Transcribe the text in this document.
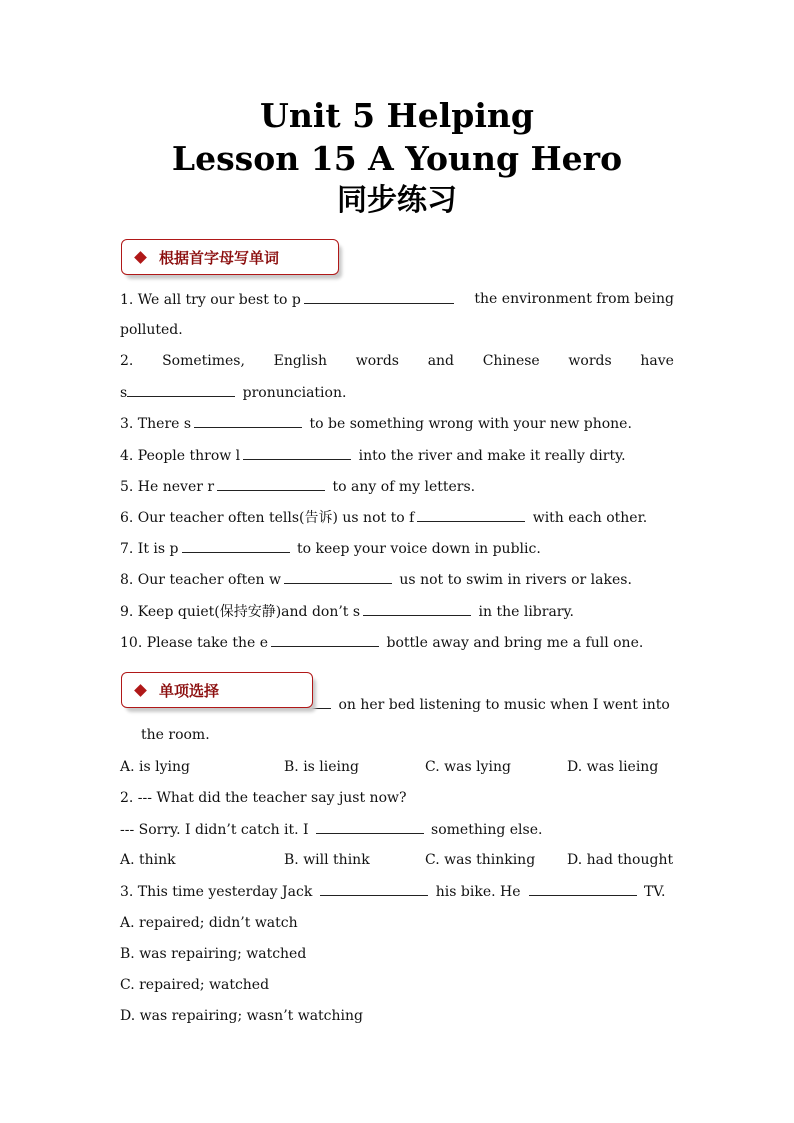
Unit 5 Helping
Lesson 15 A Young Hero
同步练习
根据首字母写单词
1. We all try our best to p	the environment from being
polluted.
2. Sometimes, English words and Chinese words have
s	pronunciation.
3. There s	to be something wrong with your new phone.
4. People throw l	into the river and make it really dirty.
5. He never r	to any of my letters.
6. Our teacher often tells(告诉) us not to f	with each other.
7. It is p	to keep your voice down in public.
8. Our teacher often w	us not to swim in rivers or lakes.
9. Keep quiet(保持安静)and don’t s	in the library.
10. Please take the e	bottle away and bring me a full one.
on her bed listening to music when I went into
单项选择
the room.
A. is lying	B. is lieing	C. was lying	D. was lieing
2. --- What did the teacher say just now?
--- Sorry. I didn’t catch it. I	something else.
A. think	B. will think	C. was thinking D. had thought
3. This time yesterday Jack	his bike. He	TV.
A. repaired; didn’t watch
B. was repairing; watched
C. repaired; watched
D. was repairing; wasn’t watching
